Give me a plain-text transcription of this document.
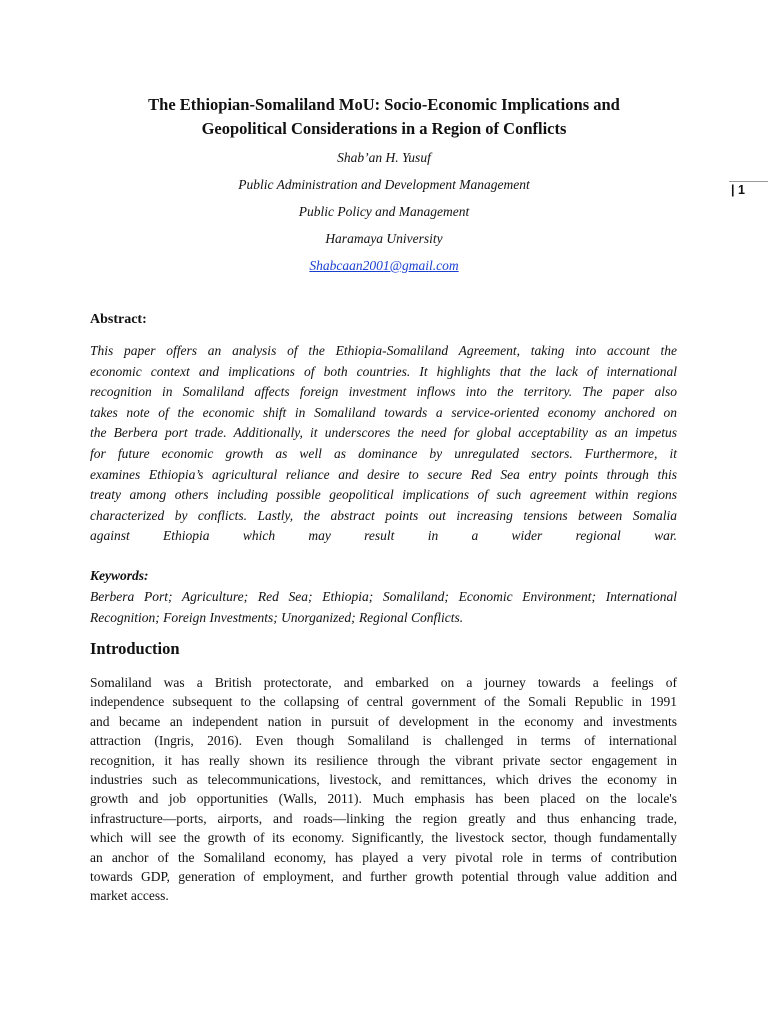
The Ethiopian-Somaliland MoU: Socio-Economic Implications and
Geopolitical Considerations in a Region of Conflicts
Shab’an H. Yusuf
Public Administration and Development Management
Public Policy and Management
Haramaya University
Shabcaan2001@gmail.com
| 1
Abstract:
This paper offers an analysis of the Ethiopia-Somaliland Agreement, taking into account the
economic context and implications of both countries. It highlights that the lack of international
recognition in Somaliland affects foreign investment inflows into the territory. The paper also
takes note of the economic shift in Somaliland towards a service-oriented economy anchored on
the Berbera port trade. Additionally, it underscores the need for global acceptability as an impetus
for future economic growth as well as dominance by unregulated sectors. Furthermore, it
examines Ethiopia’s agricultural reliance and desire to secure Red Sea entry points through this
treaty among others including possible geopolitical implications of such agreement within regions
characterized by conflicts. Lastly, the abstract points out increasing tensions between Somalia
against Ethiopia which may result in a wider regional war.
Keywords:
Berbera Port; Agriculture; Red Sea; Ethiopia; Somaliland; Economic Environment; International
Recognition; Foreign Investments; Unorganized; Regional Conflicts.
Introduction
Somaliland was a British protectorate, and embarked on a journey towards a feelings of
independence subsequent to the collapsing of central government of the Somali Republic in 1991
and became an independent nation in pursuit of development in the economy and investments
attraction (Ingris, 2016). Even though Somaliland is challenged in terms of international
recognition, it has really shown its resilience through the vibrant private sector engagement in
industries such as telecommunications, livestock, and remittances, which drives the economy in
growth and job opportunities (Walls, 2011). Much emphasis has been placed on the locale's
infrastructure—ports, airports, and roads—linking the region greatly and thus enhancing trade,
which will see the growth of its economy. Significantly, the livestock sector, though fundamentally
an anchor of the Somaliland economy, has played a very pivotal role in terms of contribution
towards GDP, generation of employment, and further growth potential through value addition and
market access.
